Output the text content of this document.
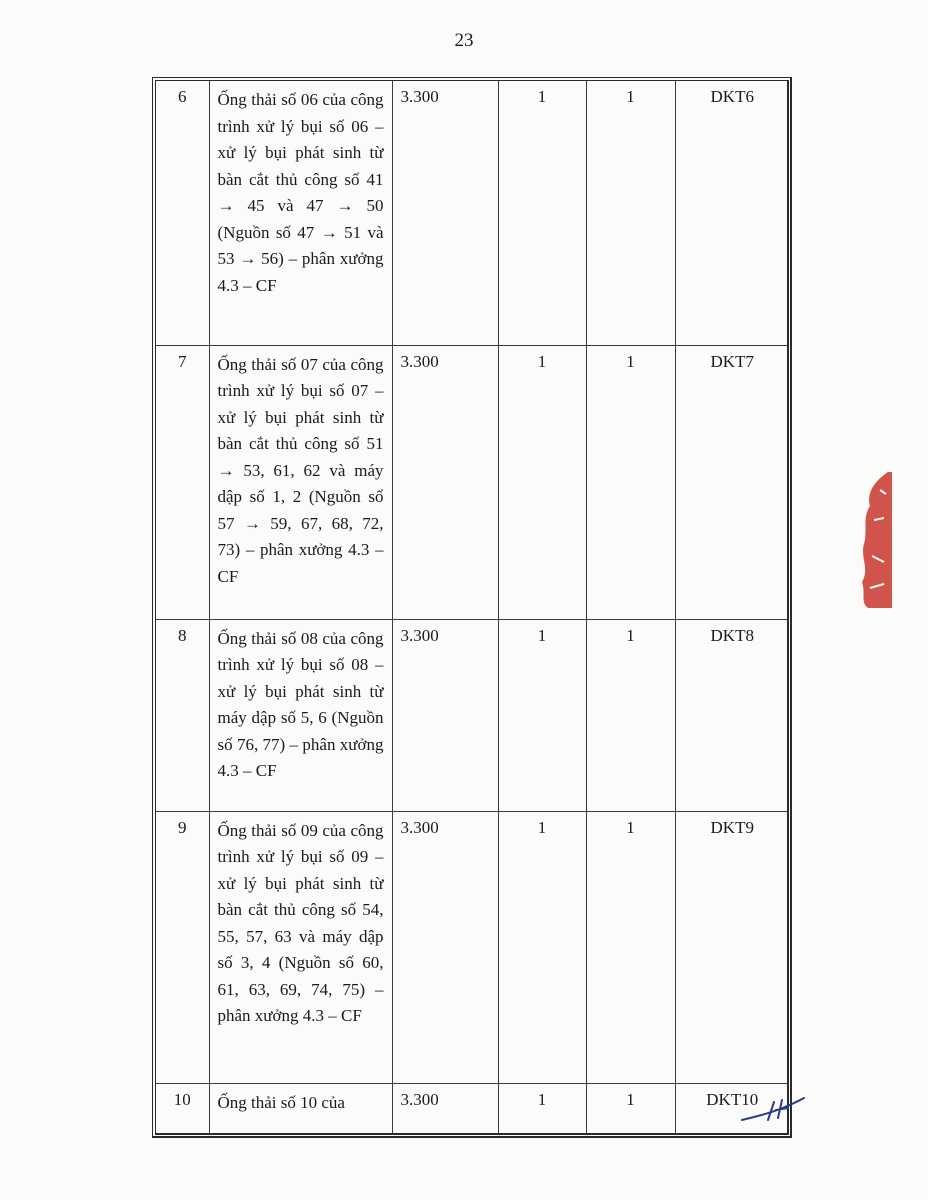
23
6	Ống thải số 06 của công trình xử lý bụi số 06 – xử lý bụi phát sinh từ bàn cắt thủ công số 41 → 45 và 47 → 50 (Nguồn số 47 → 51 và 53 → 56) – phân xưởng 4.3 – CF	3.300	1	1	DKT6
7	Ống thải số 07 của công trình xử lý bụi số 07 – xử lý bụi phát sinh từ bàn cắt thủ công số 51 → 53, 61, 62 và máy dập số 1, 2 (Nguồn số 57 → 59, 67, 68, 72, 73) – phân xưởng 4.3 – CF	3.300	1	1	DKT7
8	Ống thải số 08 của công trình xử lý bụi số 08 – xử lý bụi phát sinh từ máy dập số 5, 6 (Nguồn số 76, 77) – phân xưởng 4.3 – CF	3.300	1	1	DKT8
9	Ống thải số 09 của công trình xử lý bụi số 09 – xử lý bụi phát sinh từ bàn cắt thủ công số 54, 55, 57, 63 và máy dập số 3, 4 (Nguồn số 60, 61, 63, 69, 74, 75) – phân xưởng 4.3 – CF	3.300	1	1	DKT9
10	Ống thải số 10 của	3.300	1	1	DKT10
